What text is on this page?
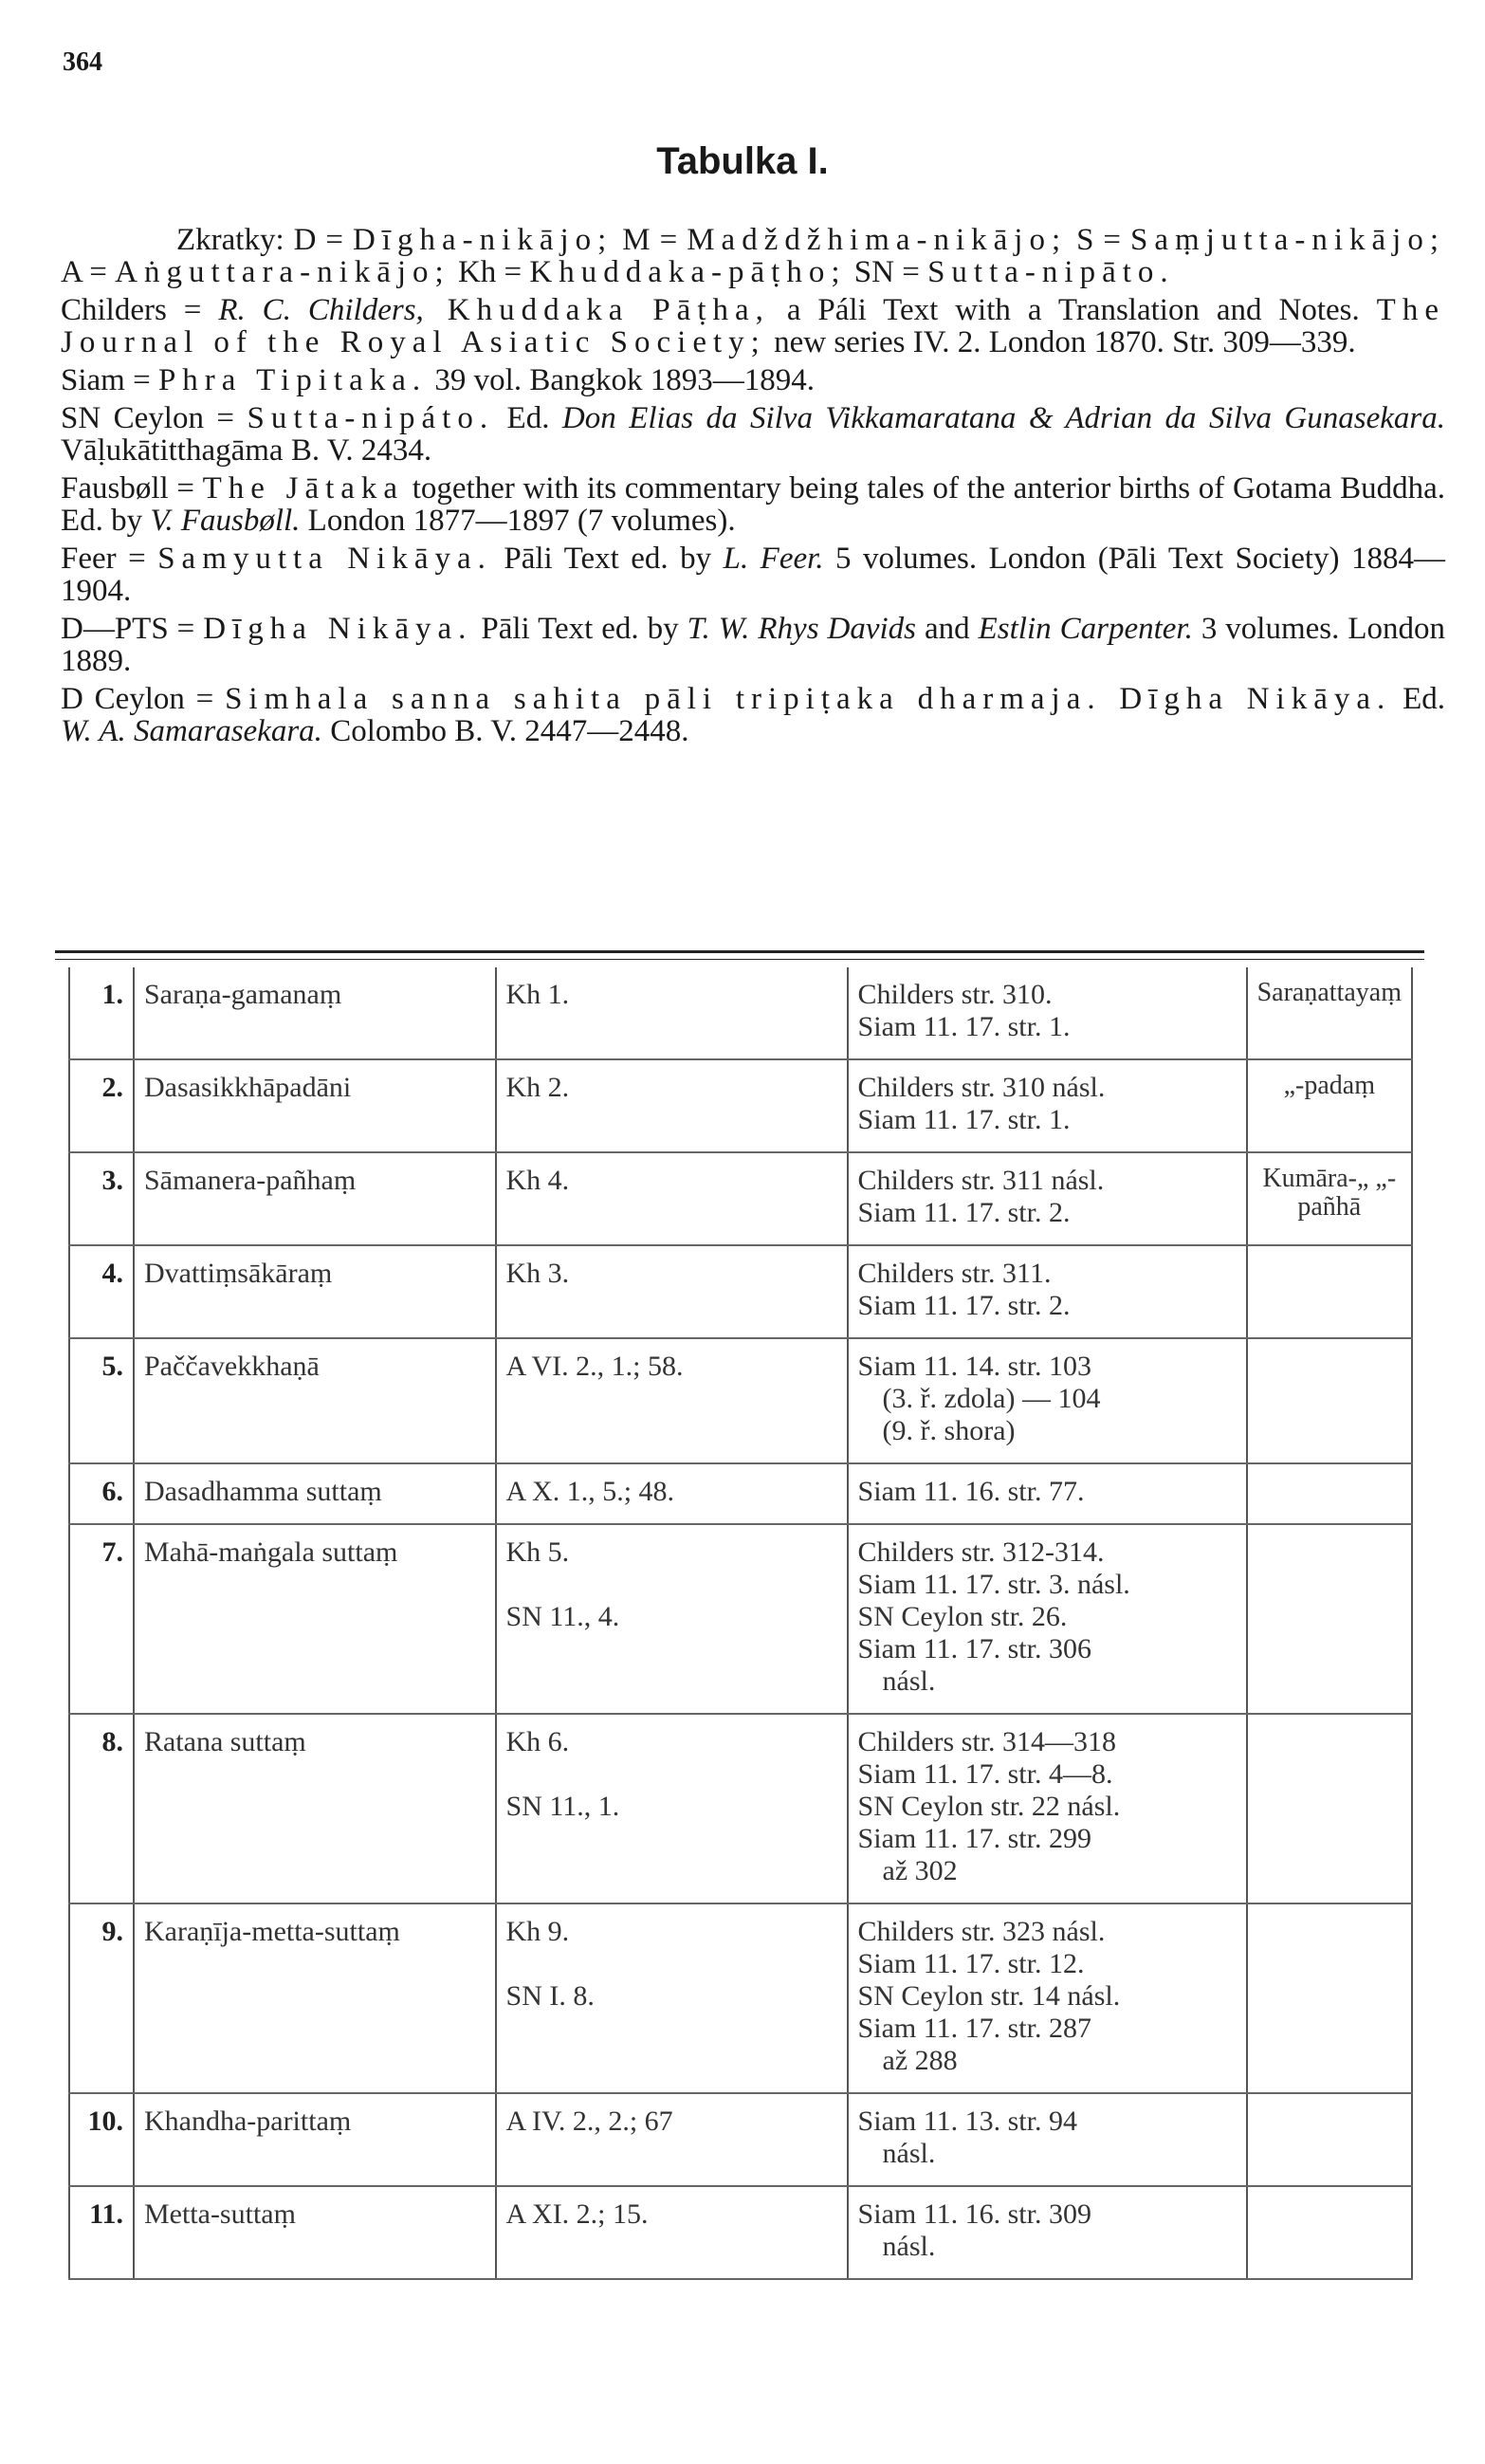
364
Tabulka I.

Zkratky: D = Dīgha-nikājo; M = Madždžhima-nikājo; S = Saṃjutta-nikājo; A = Aṅguttara-nikājo; Kh = Khuddaka-pāṭho; SN = Sutta-nipāto.

Childers = R. C. Childers, Khuddaka Pāṭha, a Páli Text with a Translation and Notes. The Journal of the Royal Asiatic Society; new series IV. 2. London 1870. Str. 309—339.

Siam = Phra Tipitaka. 39 vol. Bangkok 1893—1894.

SN Ceylon = Sutta-nipáto. Ed. Don Elias da Silva Vikkamaratana & Adrian da Silva Gunasekara. Vāḷukātitthagāma B. V. 2434.

Fausbøll = The Jātaka together with its commentary being tales of the anterior births of Gotama Buddha. Ed. by V. Fausbøll. London 1877—1897 (7 volumes).

Feer = Samyutta Nikāya. Pāli Text ed. by L. Feer. 5 volumes. London (Pāli Text Society) 1884—1904.

D—PTS = Dīgha Nikāya. Pāli Text ed. by T. W. Rhys Davids and Estlin Carpenter. 3 volumes. London 1889.

D Ceylon = Simhala sanna sahita pāli tripiṭaka dharmaja. Dīgha Nikāya. Ed. W. A. Samarasekara. Colombo B. V. 2447—2448.

1.	Saraṇa-gamanaṃ	Kh 1.	Childers str. 310.
Siam 11. 17. str. 1.	Saraṇattayaṃ
2.	Dasasikkhāpadāni	Kh 2.	Childers str. 310 násl.
Siam 11. 17. str. 1.	„-padaṃ
3.	Sāmanera-pañhaṃ	Kh 4.	Childers str. 311 násl.
Siam 11. 17. str. 2.	Kumāra-„ „-pañhā
4.	Dvattiṃsākāraṃ	Kh 3.	Childers str. 311.
Siam 11. 17. str. 2.	

5.	Paččavekkhaṇā	A VI. 2., 1.; 58.	Siam 11. 14. str. 103
(3. ř. zdola) — 104
(9. ř. shora)	

6.	Dasadhamma suttaṃ	A X. 1., 5.; 48.	Siam 11. 16. str. 77.	

7.	Mahā-maṅgala suttaṃ	Kh 5.
SN 11., 4.	Childers str. 312-314.
Siam 11. 17. str. 3. násl.
SN Ceylon str. 26.
Siam 11. 17. str. 306
násl.	

8.	Ratana suttaṃ	Kh 6.
SN 11., 1.	Childers str. 314—318
Siam 11. 17. str. 4—8.
SN Ceylon str. 22 násl.
Siam 11. 17. str. 299
až 302	

9.	Karaṇīja-metta-suttaṃ	Kh 9.
SN I. 8.	Childers str. 323 násl.
Siam 11. 17. str. 12.
SN Ceylon str. 14 násl.
Siam 11. 17. str. 287
až 288	

10.	Khandha-parittaṃ	A IV. 2., 2.; 67	Siam 11. 13. str. 94
násl.	

11.	Metta-suttaṃ	A XI. 2.; 15.	Siam 11. 16. str. 309
násl.	
